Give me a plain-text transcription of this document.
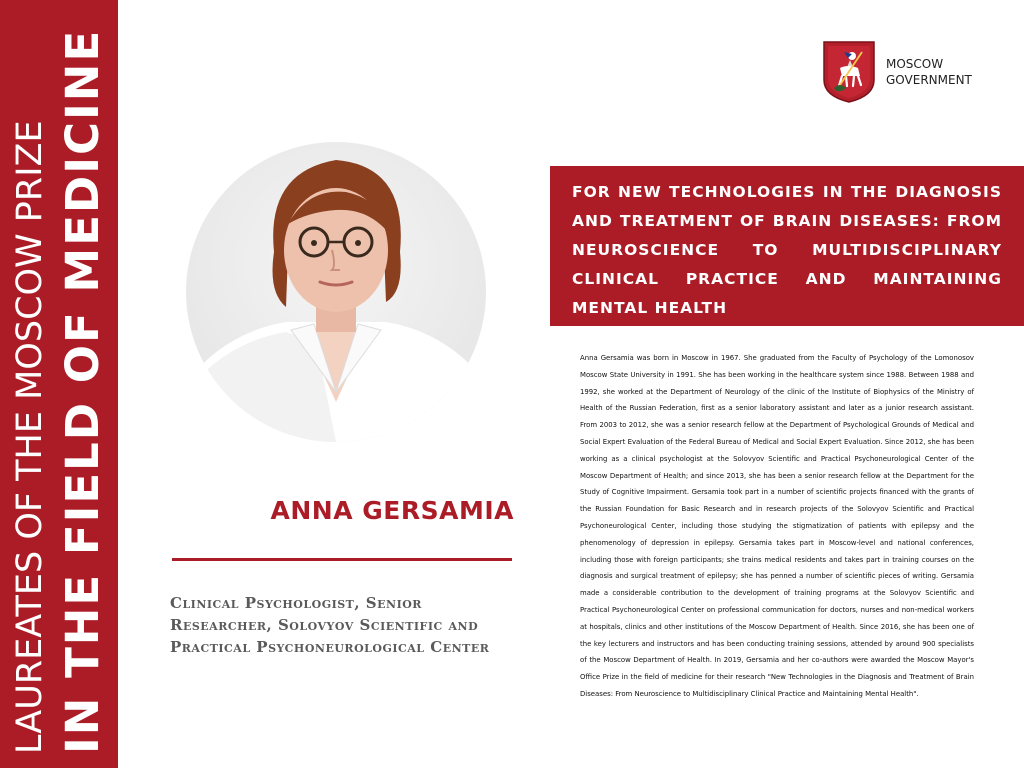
LAUREATES OF THE MOSCOW PRIZE IN THE FIELD OF MEDICINE	MOSCOW
GOVERNMENT
FOR NEW TECHNOLOGIES IN THE DIAGNOSIS AND TREATMENT OF BRAIN DISEASES: FROM NEUROSCIENCE TO MULTIDISCIPLINARY CLINICAL PRACTICE AND MAINTAINING MENTAL HEALTH
ANNA GERSAMIA
Clinical Psychologist, Senior Researcher, Solovyov Scientific and Practical Psychoneurological Center
Anna Gersamia was born in Moscow in 1967. She graduated from the Faculty of Psychology of the Lomonosov Moscow State University in 1991. She has been working in the healthcare system since 1988. Between 1988 and 1992, she worked at the Department of Neurology of the clinic of the Institute of Biophysics of the Ministry of Health of the Russian Federation, first as a senior laboratory assistant and later as a junior research assistant. From 2003 to 2012, she was a senior research fellow at the Department of Psychological Grounds of Medical and Social Expert Evaluation of the Federal Bureau of Medical and Social Expert Evaluation. Since 2012, she has been working as a clinical psychologist at the Solovyov Scientific and Practical Psychoneurological Center of the Moscow Department of Health; and since 2013, she has been a senior research fellow at the Department for the Study of Cognitive Impairment. Gersamia took part in a number of scientific projects financed with the grants of the Russian Foundation for Basic Research and in research projects of the Solovyov Scientific and Practical Psychoneurological Center, including those studying the stigmatization of patients with epilepsy and the phenomenology of depression in epilepsy. Gersamia takes part in Moscow-level and national conferences, including those with foreign participants; she trains medical residents and takes part in training courses on the diagnosis and surgical treatment of epilepsy; she has penned a number of scientific pieces of writing. Gersamia made a considerable contribution to the development of training programs at the Solovyov Scientific and Practical Psychoneurological Center on professional communication for doctors, nurses and non-medical workers at hospitals, clinics and other institutions of the Moscow Department of Health. Since 2016, she has been one of the key lecturers and instructors and has been conducting training sessions, attended by around 900 specialists of the Moscow Department of Health. In 2019, Gersamia and her co-authors were awarded the Moscow Mayor's Office Prize in the field of medicine for their research "New Technologies in the Diagnosis and Treatment of Brain Diseases: From Neuroscience to Multidisciplinary Clinical Practice and Maintaining Mental Health".
